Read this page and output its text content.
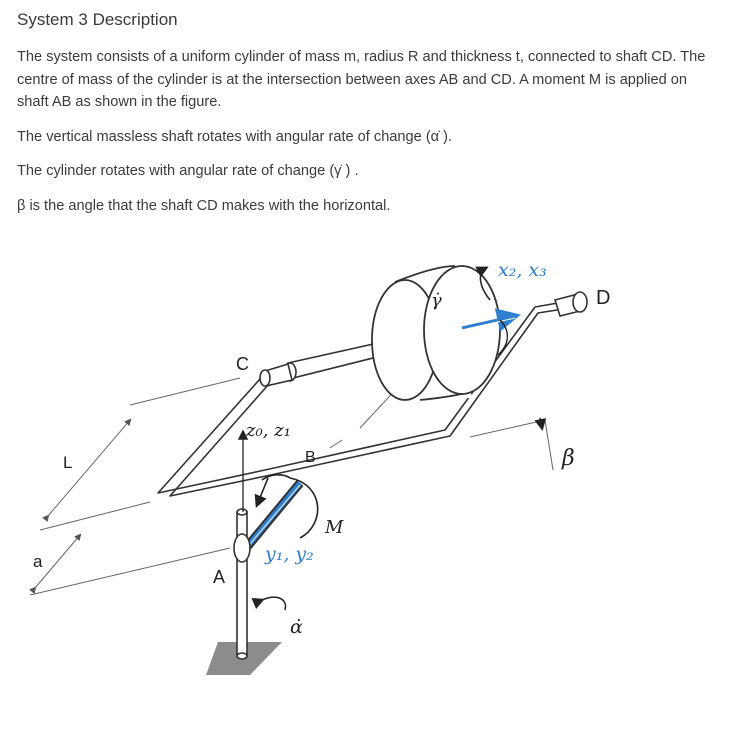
System 3 Description

The system consists of a uniform cylinder of mass m, radius R and thickness t, connected to shaft CD. The centre of mass of the cylinder is at the intersection between axes AB and CD. A moment M is applied on shaft AB as shown in the figure.

The vertical massless shaft rotates with angular rate of change (α̇ ).

The cylinder rotates with angular rate of change (γ̇ ) .

β is the angle that the shaft CD makes with the horizontal.

C
D
B
A
L
a
M
β
γ̇
α̇
z₀, z₁
y₁, y₂
x₂, x₃
